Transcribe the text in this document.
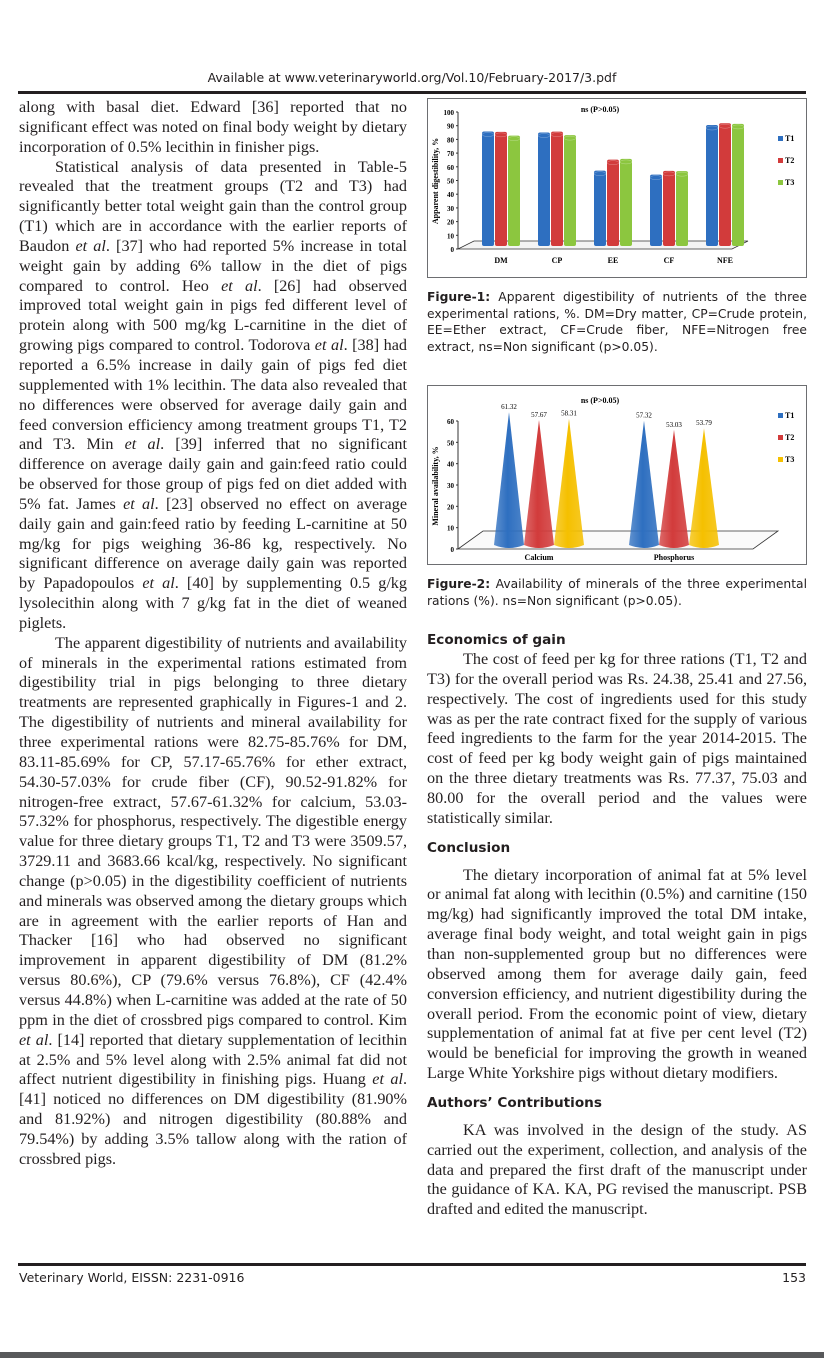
Available at www.veterinaryworld.org/Vol.10/February-2017/3.pdf

along with basal diet. Edward [36] reported that no significant effect was noted on final body weight by dietary incorporation of 0.5% lecithin in finisher pigs.

Statistical analysis of data presented in Table-5 revealed that the treatment groups (T2 and T3) had significantly better total weight gain than the control group (T1) which are in accordance with the earlier reports of Baudon et al. [37] who had reported 5% increase in total weight gain by adding 6% tallow in the diet of pigs compared to control. Heo et al. [26] had observed improved total weight gain in pigs fed different level of protein along with 500 mg/kg L-carnitine in the diet of growing pigs compared to control. Todorova et al. [38] had reported a 6.5% increase in daily gain of pigs fed diet supplemented with 1% lecithin. The data also revealed that no differences were observed for average daily gain and feed conversion efficiency among treatment groups T1, T2 and T3. Min et al. [39] inferred that no significant difference on average daily gain and gain:feed ratio could be observed for those group of pigs fed on diet added with 5% fat. James et al. [23] observed no effect on average daily gain and gain:feed ratio by feeding L-carnitine at 50 mg/kg for pigs weighing 36-86 kg, respectively. No significant difference on average daily gain was reported by Papadopoulos et al. [40] by supplementing 0.5 g/kg lysolecithin along with 7 g/kg fat in the diet of weaned piglets.

The apparent digestibility of nutrients and availability of minerals in the experimental rations estimated from digestibility trial in pigs belonging to three dietary treatments are represented graphically in Figures-1 and 2. The digestibility of nutrients and mineral availability for three experimental rations were 82.75-85.76% for DM, 83.11-85.69% for CP, 57.17-65.76% for ether extract, 54.30-57.03% for crude fiber (CF), 90.52-91.82% for nitrogen-free extract, 57.67-61.32% for calcium, 53.03-57.32% for phosphorus, respectively. The digestible energy value for three dietary groups T1, T2 and T3 were 3509.57, 3729.11 and 3683.66 kcal/kg, respectively. No significant change (p>0.05) in the digestibility coefficient of nutrients and minerals was observed among the dietary groups which are in agreement with the earlier reports of Han and Thacker [16] who had observed no significant improvement in apparent digestibility of DM (81.2% versus 80.6%), CP (79.6% versus 76.8%), CF (42.4% versus 44.8%) when L-carnitine was added at the rate of 50 ppm in the diet of crossbred pigs compared to control. Kim et al. [14] reported that dietary supplementation of lecithin at 2.5% and 5% level along with 2.5% animal fat did not affect nutrient digestibility in finishing pigs. Huang et al. [41] noticed no differences on DM digestibility (81.90% and 81.92%) and nitrogen digestibility (80.88% and 79.54%) by adding 3.5% tallow along with the ration of crossbred pigs.

ns (P>0.05)
Apparent digestibility, %
0
10
20
30
40
50
60
70
80
90
100
DM	CP	EE	CF	NFE
T1
T2
T3
Figure-1: Apparent digestibility of nutrients of the three experimental rations, %. DM=Dry matter, CP=Crude protein, EE=Ether extract, CF=Crude fiber, NFE=Nitrogen free extract, ns=Non significant (p>0.05).
ns (P>0.05)
Mineral availability, %
0
10
20
30
40
50
60
61.32
57.67 58.31
Calcium
57.32
53.03 53.79
Phosphorus
T1
T2
T3
Figure-2: Availability of minerals of the three experimental rations (%). ns=Non significant (p>0.05).

Economics of gain

The cost of feed per kg for three rations (T1, T2 and T3) for the overall period was Rs. 24.38, 25.41 and 27.56, respectively. The cost of ingredients used for this study was as per the rate contract fixed for the supply of various feed ingredients to the farm for the year 2014-2015. The cost of feed per kg body weight gain of pigs maintained on the three dietary treatments was Rs. 77.37, 75.03 and 80.00 for the overall period and the values were statistically similar.

Conclusion

The dietary incorporation of animal fat at 5% level or animal fat along with lecithin (0.5%) and carnitine (150 mg/kg) had significantly improved the total DM intake, average final body weight, and total weight gain in pigs than non-supplemented group but no differences were observed among them for average daily gain, feed conversion efficiency, and nutrient digestibility during the overall period. From the economic point of view, dietary supplementation of animal fat at five per cent level (T2) would be beneficial for improving the growth in weaned Large White Yorkshire pigs without dietary modifiers.

Authors’ Contributions

KA was involved in the design of the study. AS carried out the experiment, collection, and analysis of the data and prepared the first draft of the manuscript under the guidance of KA. KA, PG revised the manuscript. PSB drafted and edited the manuscript.

Veterinary World, EISSN: 2231-0916	153
